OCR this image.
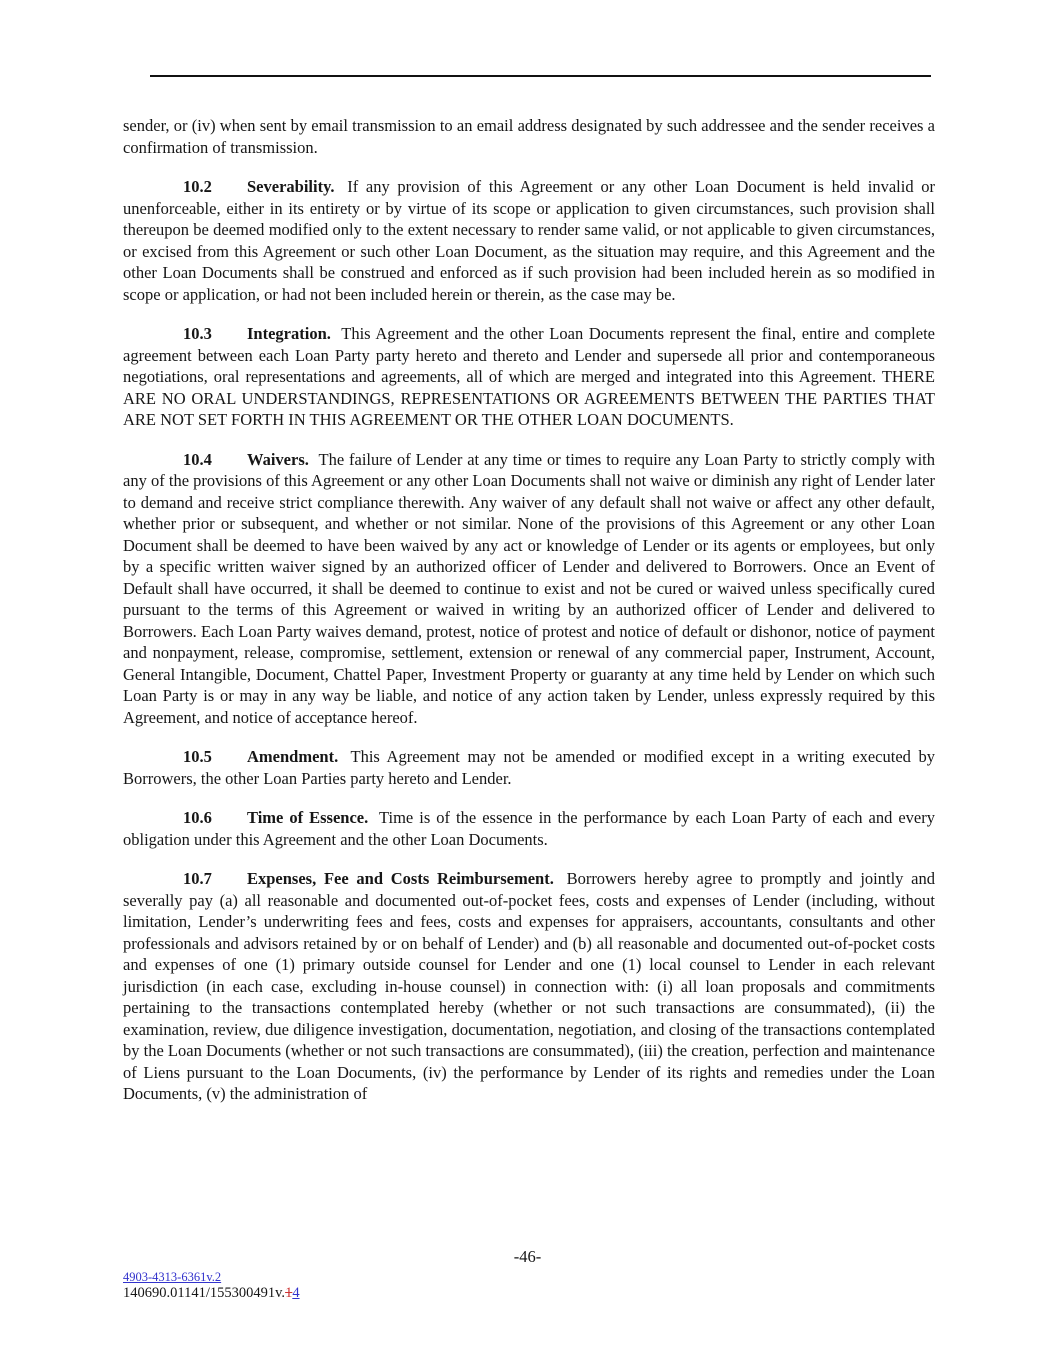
sender, or (iv) when sent by email transmission to an email address designated by such addressee and the sender receives a confirmation of transmission.

10.2 Severability. If any provision of this Agreement or any other Loan Document is held invalid or unenforceable, either in its entirety or by virtue of its scope or application to given circumstances, such provision shall thereupon be deemed modified only to the extent necessary to render same valid, or not applicable to given circumstances, or excised from this Agreement or such other Loan Document, as the situation may require, and this Agreement and the other Loan Documents shall be construed and enforced as if such provision had been included herein as so modified in scope or application, or had not been included herein or therein, as the case may be.

10.3 Integration. This Agreement and the other Loan Documents represent the final, entire and complete agreement between each Loan Party party hereto and thereto and Lender and supersede all prior and contemporaneous negotiations, oral representations and agreements, all of which are merged and integrated into this Agreement. THERE ARE NO ORAL UNDERSTANDINGS, REPRESENTATIONS OR AGREEMENTS BETWEEN THE PARTIES THAT ARE NOT SET FORTH IN THIS AGREEMENT OR THE OTHER LOAN DOCUMENTS.

10.4 Waivers. The failure of Lender at any time or times to require any Loan Party to strictly comply with any of the provisions of this Agreement or any other Loan Documents shall not waive or diminish any right of Lender later to demand and receive strict compliance therewith. Any waiver of any default shall not waive or affect any other default, whether prior or subsequent, and whether or not similar. None of the provisions of this Agreement or any other Loan Document shall be deemed to have been waived by any act or knowledge of Lender or its agents or employees, but only by a specific written waiver signed by an authorized officer of Lender and delivered to Borrowers. Once an Event of Default shall have occurred, it shall be deemed to continue to exist and not be cured or waived unless specifically cured pursuant to the terms of this Agreement or waived in writing by an authorized officer of Lender and delivered to Borrowers. Each Loan Party waives demand, protest, notice of protest and notice of default or dishonor, notice of payment and nonpayment, release, compromise, settlement, extension or renewal of any commercial paper, Instrument, Account, General Intangible, Document, Chattel Paper, Investment Property or guaranty at any time held by Lender on which such Loan Party is or may in any way be liable, and notice of any action taken by Lender, unless expressly required by this Agreement, and notice of acceptance hereof.

10.5 Amendment. This Agreement may not be amended or modified except in a writing executed by Borrowers, the other Loan Parties party hereto and Lender.

10.6 Time of Essence. Time is of the essence in the performance by each Loan Party of each and every obligation under this Agreement and the other Loan Documents.

10.7 Expenses, Fee and Costs Reimbursement. Borrowers hereby agree to promptly and jointly and severally pay (a) all reasonable and documented out-of-pocket fees, costs and expenses of Lender (including, without limitation, Lender’s underwriting fees and fees, costs and expenses for appraisers, accountants, consultants and other professionals and advisors retained by or on behalf of Lender) and (b) all reasonable and documented out-of-pocket costs and expenses of one (1) primary outside counsel for Lender and one (1) local counsel to Lender in each relevant jurisdiction (in each case, excluding in-house counsel) in connection with: (i) all loan proposals and commitments pertaining to the transactions contemplated hereby (whether or not such transactions are consummated), (ii) the examination, review, due diligence investigation, documentation, negotiation, and closing of the transactions contemplated by the Loan Documents (whether or not such transactions are consummated), (iii) the creation, perfection and maintenance of Liens pursuant to the Loan Documents, (iv) the performance by Lender of its rights and remedies under the Loan Documents, (v) the administration of

-46-
4903-4313-6361v.2
140690.01141/155300491v.14
